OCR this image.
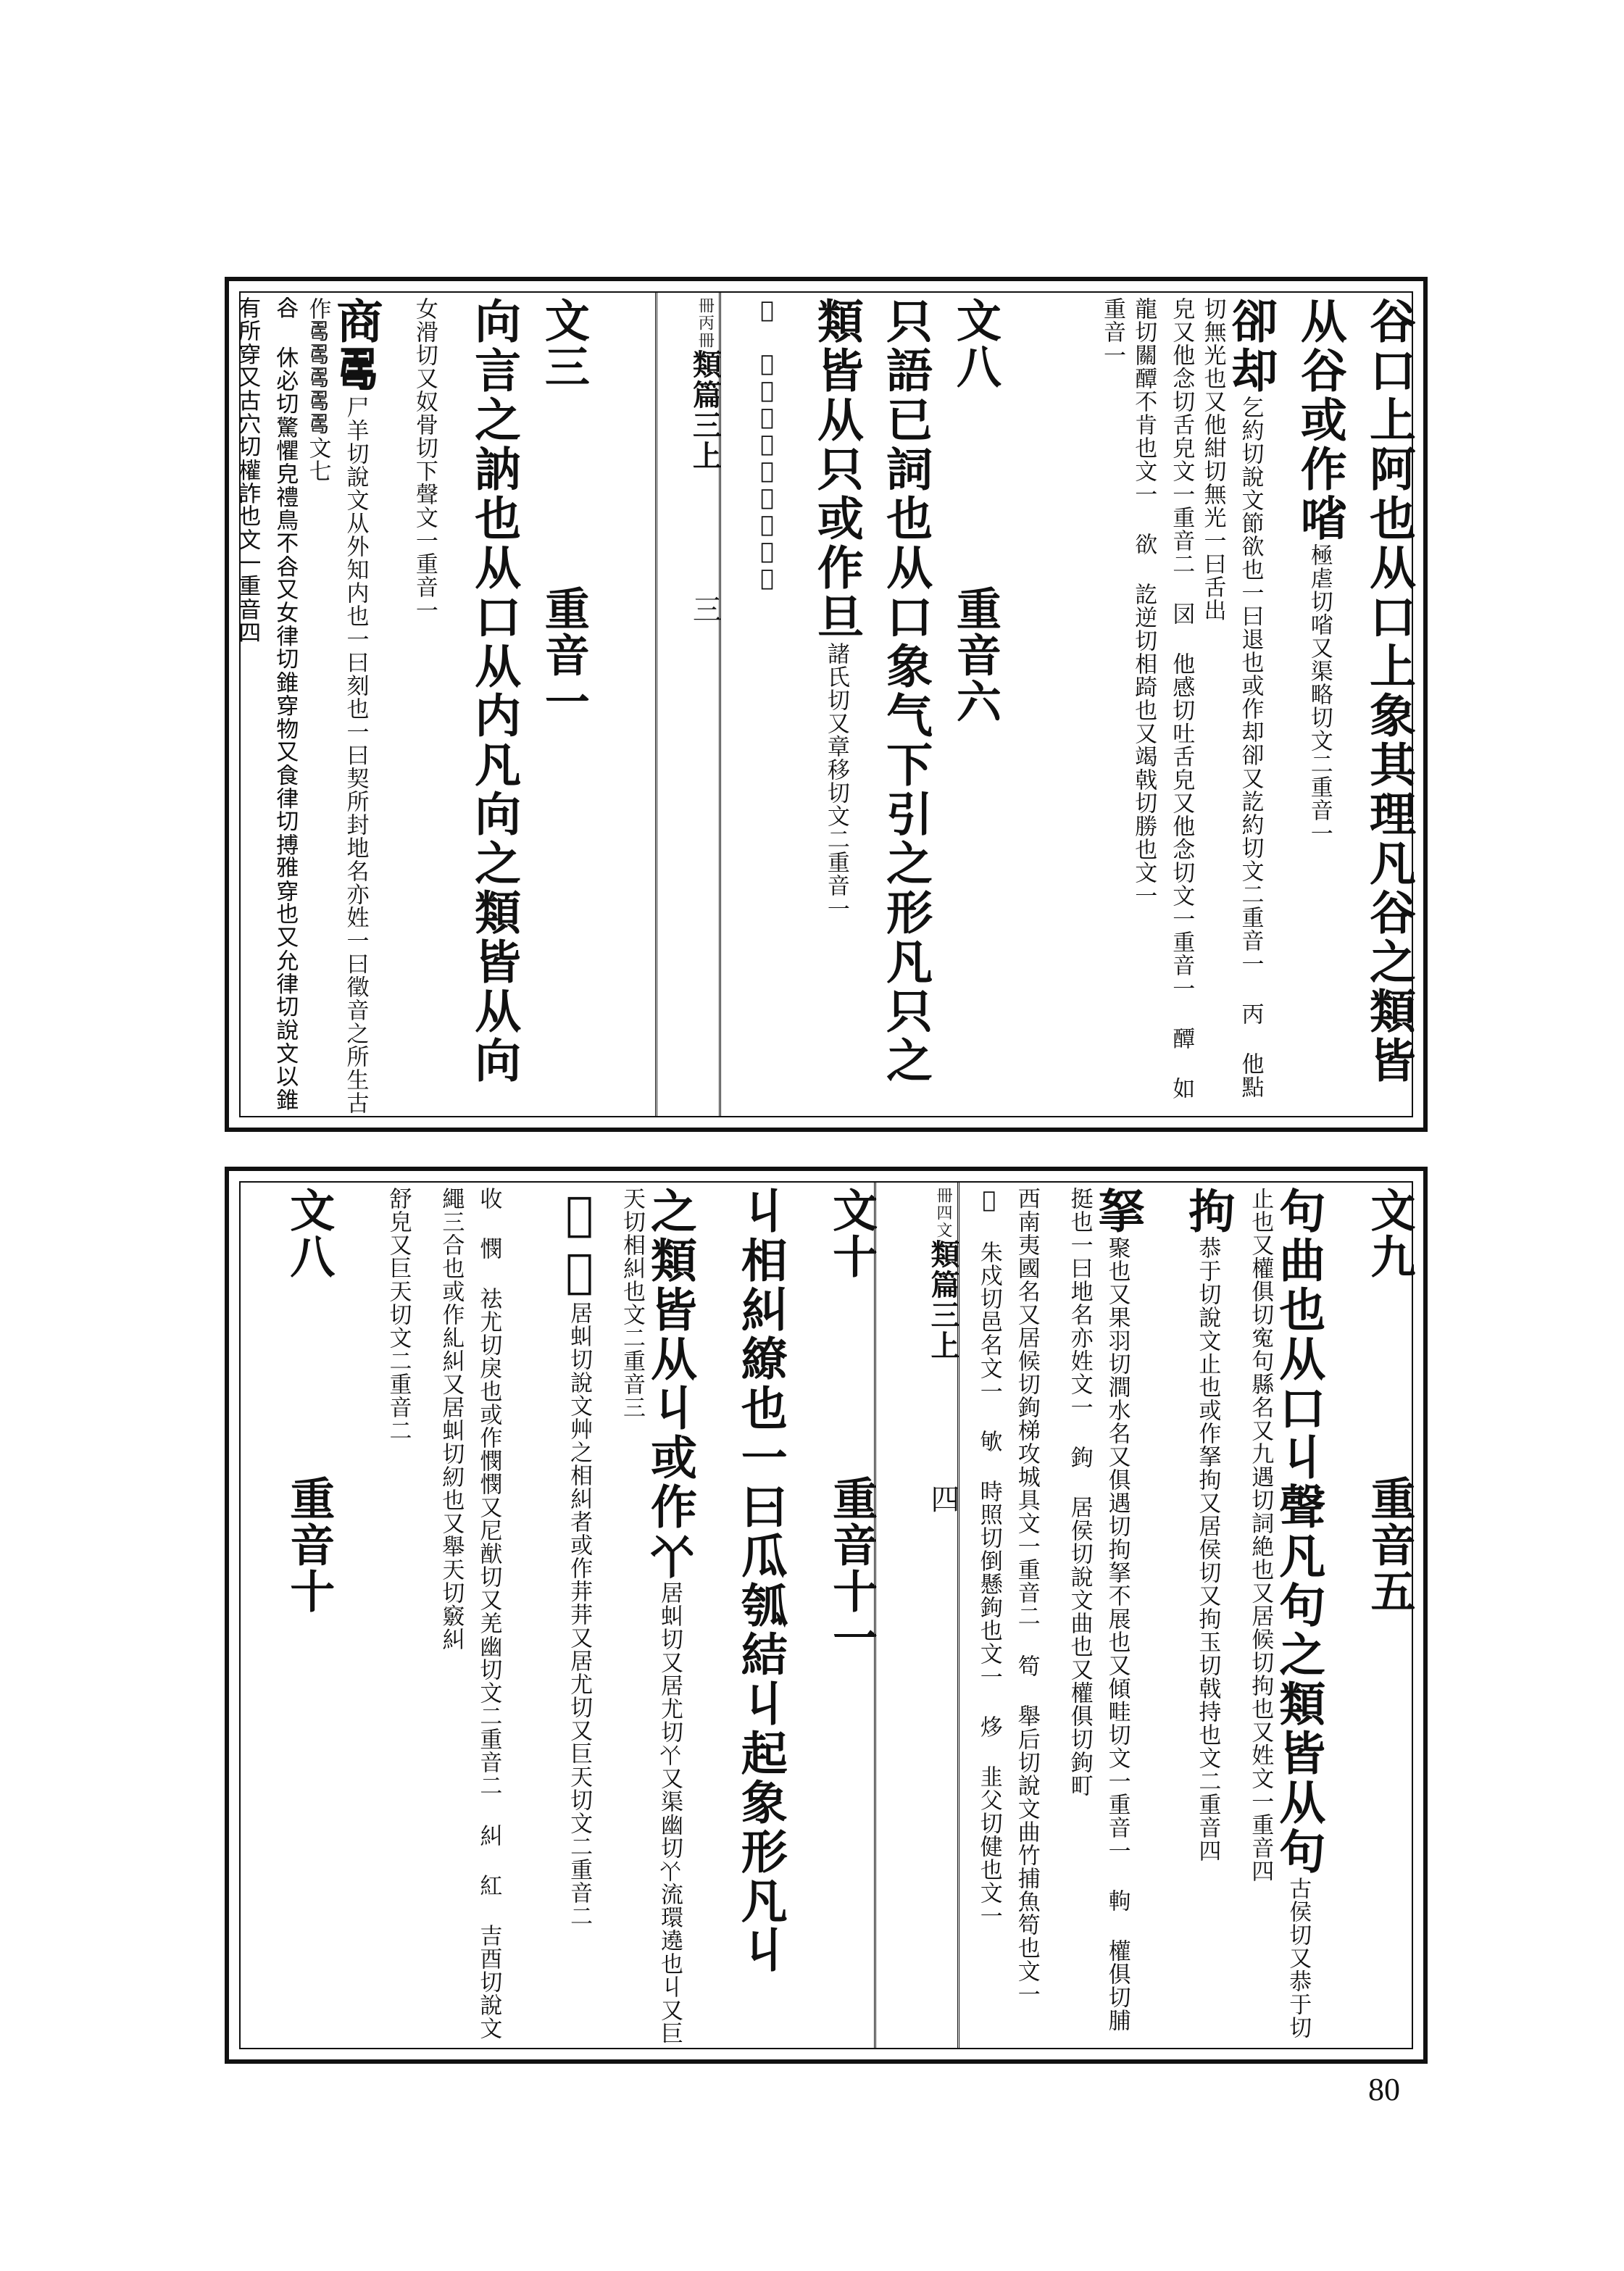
谷口上阿也从口上象其理凡谷之類皆
从谷或作㗂極虐切㗂又渠略切文二重音一
卻却乞約切說文節欲也一曰退也或作却卻又訖約切文二重音一 丙 他點切無光也又他紺切無光一曰舌出
皃又他念切舌皃文一重音二 㘝 他感切吐舌皃又他念切文一重音一 醰 如龍切關醰不肯也文一 欲 訖逆切相踦也又竭戟切勝也文一
重音一
文八重音六
只語已詞也从口象气下引之形凡只之
類皆从只或作旦諸氏切又章移切文二重音一
𠭺 醠經切說文聲也文一
冊丙冊類篇三上三
文三重音一
向言之訥也从口从内凡向之類皆从向
女滑切又奴骨切下聲文一重音一
商𠷎尸羊切說文从外知内也一曰刻也一曰契所封地名亦姓一曰徵音之所生古作𠷎𠷎𠷎𠷎𠷎文七
𧮫 休必切驚懼皃禮鳥不𧮫又女律切錐穿物又食律切搏雅穿也又允律切說文以錐有所穿又古穴切權詐也文一重音四
文九重音五
句曲也从口丩聲凡句之類皆从句古侯切又恭于切止也又權俱切寃句縣名又九遇切詞絶也又居候切拘也又姓文一重音四
拘恭于切說文止也或作拏拘又居侯切又拘玉切戟持也文二重音四
拏聚也又果羽切澗水名又俱遇切拘拏不展也又傾畦切文一重音一 軥 權俱切脯挺也一曰地名亦姓文一 鉤 居侯切說文曲也又權俱切鉤町
西南夷國名又居候切鉤梯攻城具文一重音二 笱 舉后切說文曲竹捕魚笱也文一 𦙜 朱戍切邑名文一 㰬 時照切倒懸鉤也文一 㶴 韭父切健也文一
冊四文類篇三上四
文十重音十一
丩相糾繚也一曰瓜瓠結丩起象形凡丩
之類皆从丩或作𠁥居虯切又居尤切𠁥又渠幽切𠁥流環遶也丩又巨天切相糾也文二重音三
𦭍茾居虯切說文艸之相糾者或作茾茾又居尤切又巨天切文二重音二
收 憫 祛尤切戾也或作憫憫又尼猷切又羌幽切文二重音二 糾 紅 吉酉切說文繩三合也或作糺糾又居虯切紉也又舉天切竅糾
舒皃又巨天切文二重音二
文八重音十
80
